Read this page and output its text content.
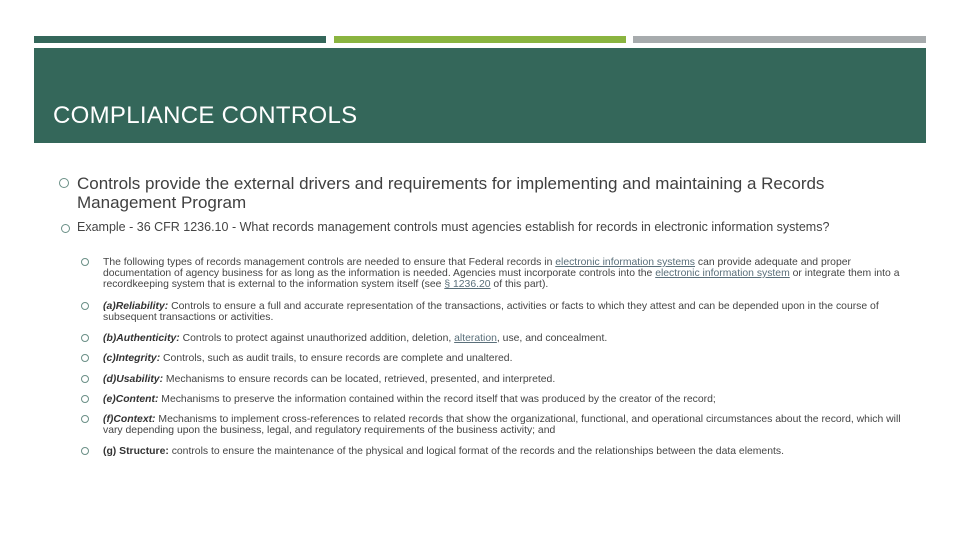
COMPLIANCE CONTROLS
Controls provide the external drivers and requirements for implementing and maintaining a Records Management Program
Example - 36 CFR 1236.10 - What records management controls must agencies establish for records in electronic information systems?
The following types of records management controls are needed to ensure that Federal records in electronic information systems can provide adequate and proper documentation of agency business for as long as the information is needed. Agencies must incorporate controls into the electronic information system or integrate them into a recordkeeping system that is external to the information system itself (see § 1236.20 of this part).
(a)Reliability: Controls to ensure a full and accurate representation of the transactions, activities or facts to which they attest and can be depended upon in the course of subsequent transactions or activities.
(b)Authenticity: Controls to protect against unauthorized addition, deletion, alteration, use, and concealment.
(c)Integrity: Controls, such as audit trails, to ensure records are complete and unaltered.
(d)Usability: Mechanisms to ensure records can be located, retrieved, presented, and interpreted.
(e)Content: Mechanisms to preserve the information contained within the record itself that was produced by the creator of the record;
(f)Context: Mechanisms to implement cross-references to related records that show the organizational, functional, and operational circumstances about the record, which will vary depending upon the business, legal, and regulatory requirements of the business activity; and
(g) Structure: controls to ensure the maintenance of the physical and logical format of the records and the relationships between the data elements.
